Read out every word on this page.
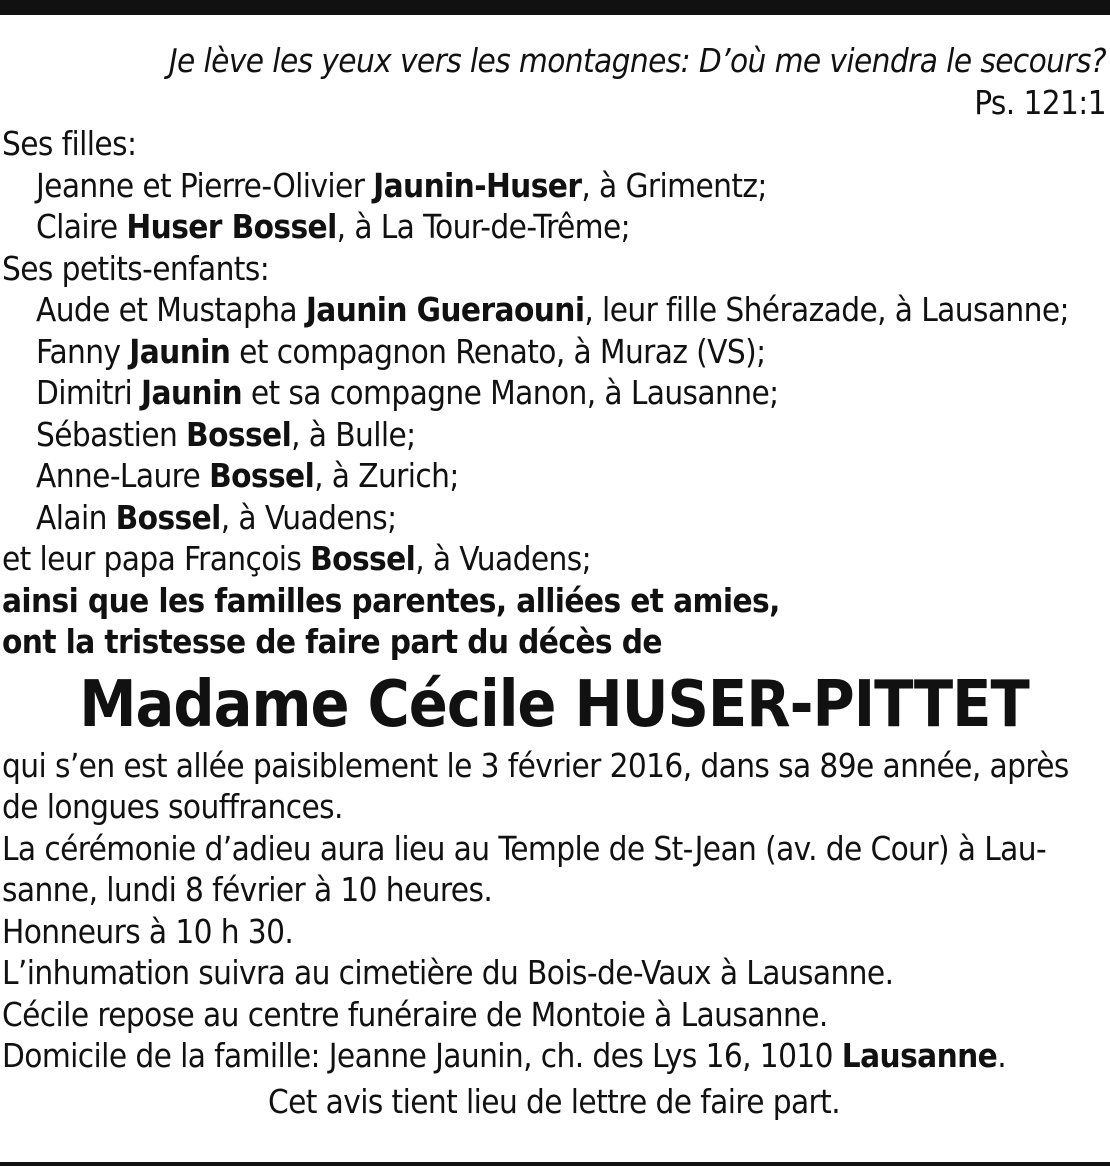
Je lève les yeux vers les montagnes: D’où me viendra le secours?
Ps. 121:1
Ses filles:
Jeanne et Pierre-Olivier Jaunin-Huser, à Grimentz;
Claire Huser Bossel, à La Tour-de-Trême;
Ses petits-enfants:
Aude et Mustapha Jaunin Gueraouni, leur fille Shérazade, à Lausanne;
Fanny Jaunin et compagnon Renato, à Muraz (VS);
Dimitri Jaunin et sa compagne Manon, à Lausanne;
Sébastien Bossel, à Bulle;
Anne-Laure Bossel, à Zurich;
Alain Bossel, à Vuadens;
et leur papa François Bossel, à Vuadens;
ainsi que les familles parentes, alliées et amies,
ont la tristesse de faire part du décès de
Madame Cécile HUSER-PITTET
qui s’en est allée paisiblement le 3 février 2016, dans sa 89e année, après
de longues souffrances.
La cérémonie d’adieu aura lieu au Temple de St-Jean (av. de Cour) à Lau-
sanne, lundi 8 février à 10 heures.
Honneurs à 10 h 30.
L’inhumation suivra au cimetière du Bois-de-Vaux à Lausanne.
Cécile repose au centre funéraire de Montoie à Lausanne.
Domicile de la famille: Jeanne Jaunin, ch. des Lys 16, 1010 Lausanne.
Cet avis tient lieu de lettre de faire part.
